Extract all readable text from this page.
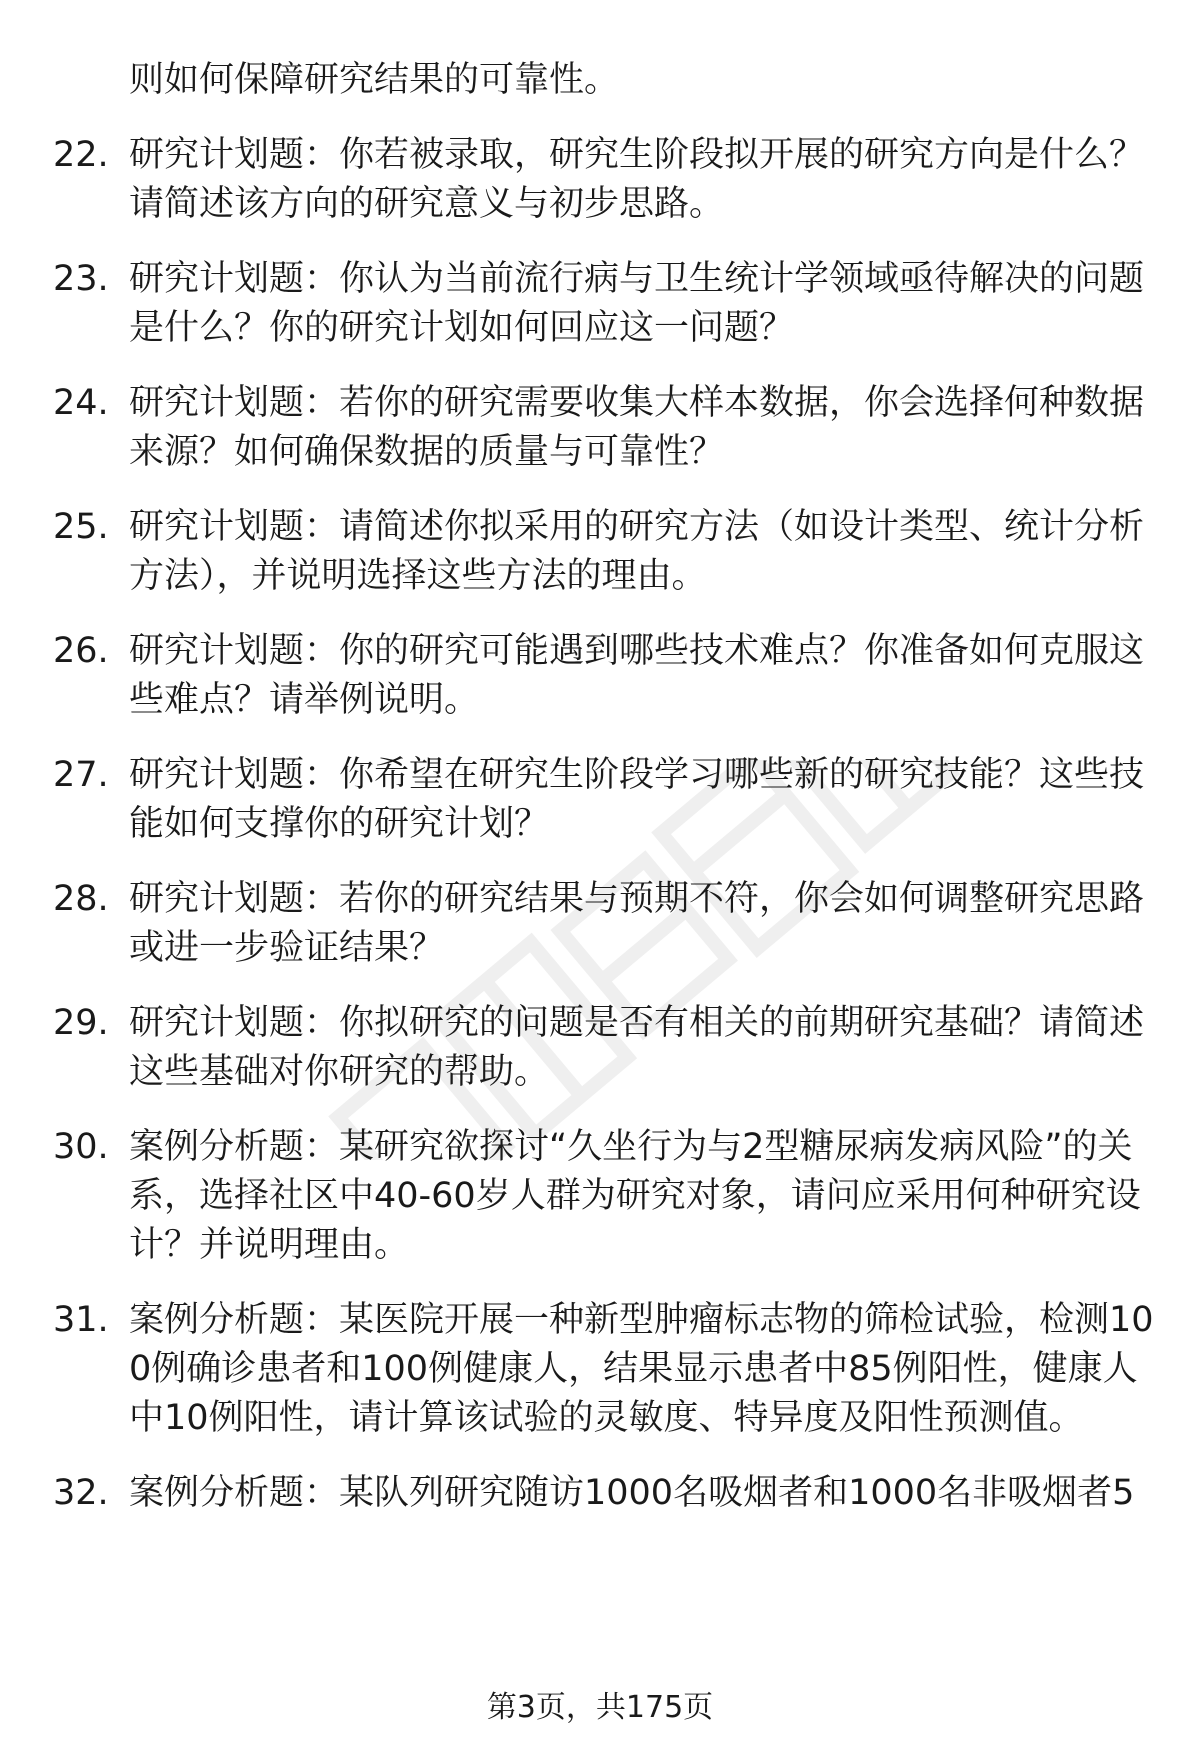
则如何保障研究结果的可靠性。
22. 研究计划题：你若被录取，研究生阶段拟开展的研究方向是什么？请简述该方向的研究意义与初步思路。
23. 研究计划题：你认为当前流行病与卫生统计学领域亟待解决的问题是什么？你的研究计划如何回应这一问题？
24. 研究计划题：若你的研究需要收集大样本数据，你会选择何种数据来源？如何确保数据的质量与可靠性？
25. 研究计划题：请简述你拟采用的研究方法（如设计类型、统计分析方法），并说明选择这些方法的理由。
26. 研究计划题：你的研究可能遇到哪些技术难点？你准备如何克服这些难点？请举例说明。
27. 研究计划题：你希望在研究生阶段学习哪些新的研究技能？这些技能如何支撑你的研究计划？
28. 研究计划题：若你的研究结果与预期不符，你会如何调整研究思路或进一步验证结果？
29. 研究计划题：你拟研究的问题是否有相关的前期研究基础？请简述这些基础对你研究的帮助。
30. 案例分析题：某研究欲探讨“久坐行为与2型糖尿病发病风险”的关系，选择社区中40-60岁人群为研究对象，请问应采用何种研究设计？并说明理由。
31. 案例分析题：某医院开展一种新型肿瘤标志物的筛检试验，检测100例确诊患者和100例健康人，结果显示患者中85例阳性，健康人中10例阳性，请计算该试验的灵敏度、特异度及阳性预测值。
32. 案例分析题：某队列研究随访1000名吸烟者和1000名非吸烟者5
第3页，共175页
